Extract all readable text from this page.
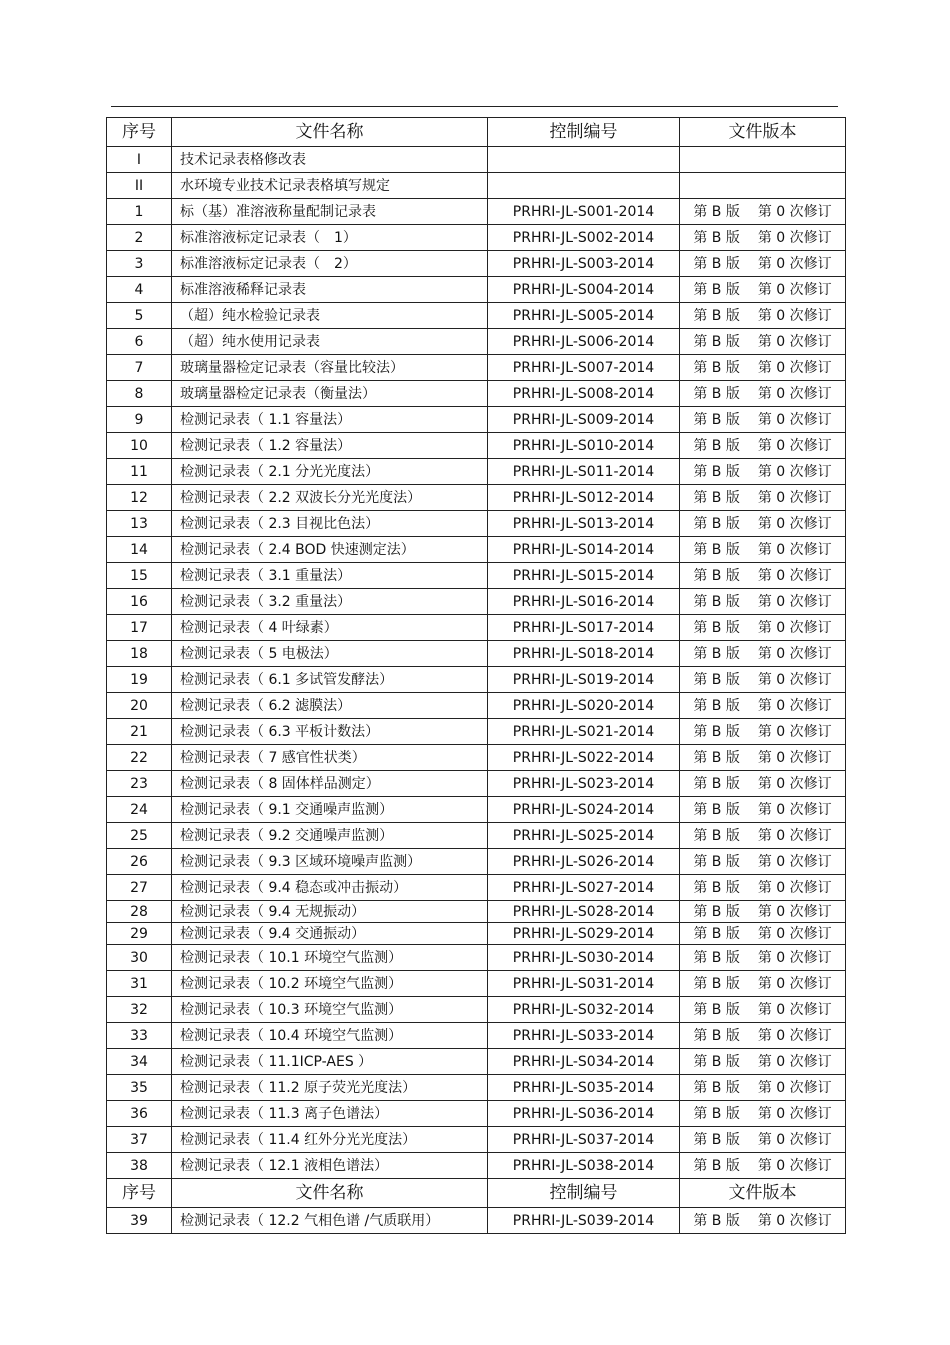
序号	文件名称	控制编号	文件版本
I	技术记录表格修改表		
II	水环境专业技术记录表格填写规定		
1	标（基）准溶液称量配制记录表	PRHRI-JL-S001-2014	第 B 版 第 0 次修订
2	标准溶液标定记录表（　1）	PRHRI-JL-S002-2014	第 B 版 第 0 次修订
3	标准溶液标定记录表（　2）	PRHRI-JL-S003-2014	第 B 版 第 0 次修订
4	标准溶液稀释记录表	PRHRI-JL-S004-2014	第 B 版 第 0 次修订
5	（超）纯水检验记录表	PRHRI-JL-S005-2014	第 B 版 第 0 次修订
6	（超）纯水使用记录表	PRHRI-JL-S006-2014	第 B 版 第 0 次修订
7	玻璃量器检定记录表（容量比较法）	PRHRI-JL-S007-2014	第 B 版 第 0 次修订
8	玻璃量器检定记录表（衡量法）	PRHRI-JL-S008-2014	第 B 版 第 0 次修订
9	检测记录表（ 1.1 容量法）	PRHRI-JL-S009-2014	第 B 版 第 0 次修订
10	检测记录表（ 1.2 容量法）	PRHRI-JL-S010-2014	第 B 版 第 0 次修订
11	检测记录表（ 2.1 分光光度法）	PRHRI-JL-S011-2014	第 B 版 第 0 次修订
12	检测记录表（ 2.2 双波长分光光度法）	PRHRI-JL-S012-2014	第 B 版 第 0 次修订
13	检测记录表（ 2.3 目视比色法）	PRHRI-JL-S013-2014	第 B 版 第 0 次修订
14	检测记录表（ 2.4 BOD 快速测定法）	PRHRI-JL-S014-2014	第 B 版 第 0 次修订
15	检测记录表（ 3.1 重量法）	PRHRI-JL-S015-2014	第 B 版 第 0 次修订
16	检测记录表（ 3.2 重量法）	PRHRI-JL-S016-2014	第 B 版 第 0 次修订
17	检测记录表（ 4 叶绿素）	PRHRI-JL-S017-2014	第 B 版 第 0 次修订
18	检测记录表（ 5 电极法）	PRHRI-JL-S018-2014	第 B 版 第 0 次修订
19	检测记录表（ 6.1 多试管发酵法）	PRHRI-JL-S019-2014	第 B 版 第 0 次修订
20	检测记录表（ 6.2 滤膜法）	PRHRI-JL-S020-2014	第 B 版 第 0 次修订
21	检测记录表（ 6.3 平板计数法）	PRHRI-JL-S021-2014	第 B 版 第 0 次修订
22	检测记录表（ 7 感官性状类）	PRHRI-JL-S022-2014	第 B 版 第 0 次修订
23	检测记录表（ 8 固体样品测定）	PRHRI-JL-S023-2014	第 B 版 第 0 次修订
24	检测记录表（ 9.1 交通噪声监测）	PRHRI-JL-S024-2014	第 B 版 第 0 次修订
25	检测记录表（ 9.2 交通噪声监测）	PRHRI-JL-S025-2014	第 B 版 第 0 次修订
26	检测记录表（ 9.3 区域环境噪声监测）	PRHRI-JL-S026-2014	第 B 版 第 0 次修订
27	检测记录表（ 9.4 稳态或冲击振动）	PRHRI-JL-S027-2014	第 B 版 第 0 次修订
28	检测记录表（ 9.4 无规振动）	PRHRI-JL-S028-2014	第 B 版 第 0 次修订
29	检测记录表（ 9.4 交通振动）	PRHRI-JL-S029-2014	第 B 版 第 0 次修订
30	检测记录表（ 10.1 环境空气监测）	PRHRI-JL-S030-2014	第 B 版 第 0 次修订
31	检测记录表（ 10.2 环境空气监测）	PRHRI-JL-S031-2014	第 B 版 第 0 次修订
32	检测记录表（ 10.3 环境空气监测）	PRHRI-JL-S032-2014	第 B 版 第 0 次修订
33	检测记录表（ 10.4 环境空气监测）	PRHRI-JL-S033-2014	第 B 版 第 0 次修订
34	检测记录表（ 11.1ICP-AES ）	PRHRI-JL-S034-2014	第 B 版 第 0 次修订
35	检测记录表（ 11.2 原子荧光光度法）	PRHRI-JL-S035-2014	第 B 版 第 0 次修订
36	检测记录表（ 11.3 离子色谱法）	PRHRI-JL-S036-2014	第 B 版 第 0 次修订
37	检测记录表（ 11.4 红外分光光度法）	PRHRI-JL-S037-2014	第 B 版 第 0 次修订
38	检测记录表（ 12.1 液相色谱法）	PRHRI-JL-S038-2014	第 B 版 第 0 次修订
序号	文件名称	控制编号	文件版本
39	检测记录表（ 12.2 气相色谱 /气质联用）	PRHRI-JL-S039-2014	第 B 版 第 0 次修订
